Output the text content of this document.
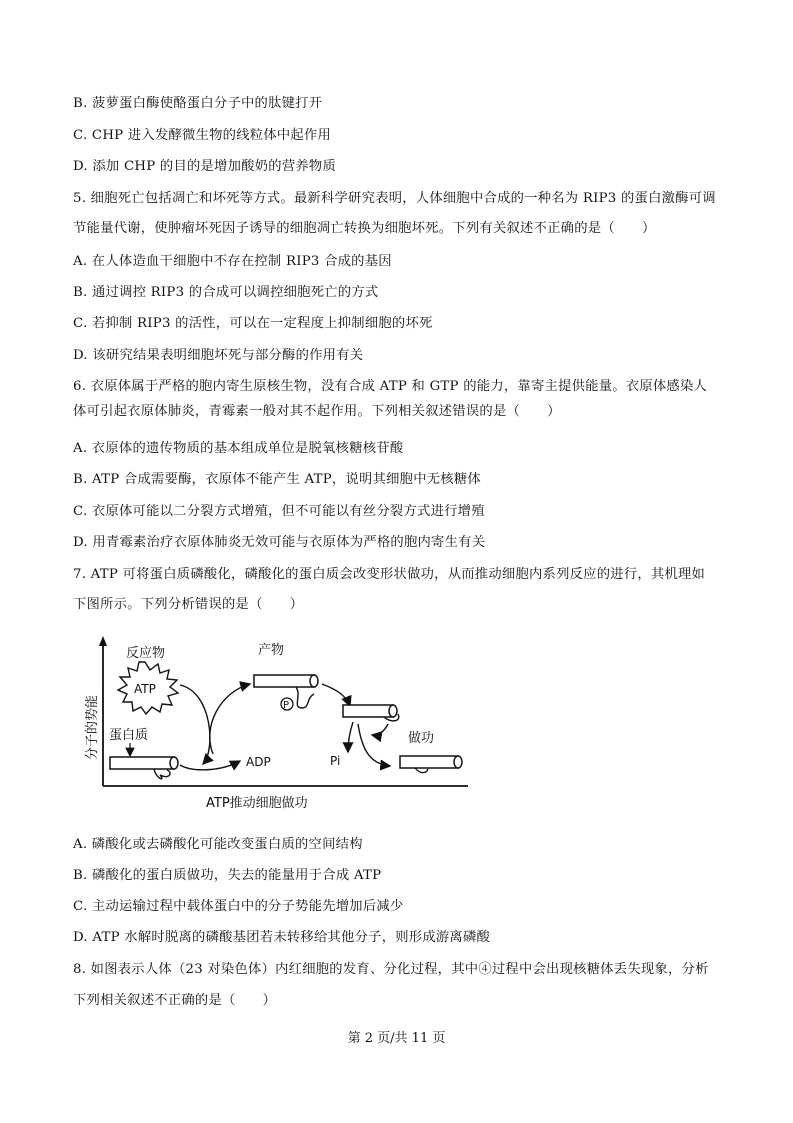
B. 菠萝蛋白酶使酪蛋白分子中的肽键打开
C. CHP 进入发酵微生物的线粒体中起作用
D. 添加 CHP 的目的是增加酸奶的营养物质
5. 细胞死亡包括凋亡和坏死等方式。最新科学研究表明，人体细胞中合成的一种名为 RIP3 的蛋白激酶可调
节能量代谢，使肿瘤坏死因子诱导的细胞凋亡转换为细胞坏死。下列有关叙述不正确的是（　　）
A. 在人体造血干细胞中不存在控制 RIP3 合成的基因
B. 通过调控 RIP3 的合成可以调控细胞死亡的方式
C. 若抑制 RIP3 的活性，可以在一定程度上抑制细胞的坏死
D. 该研究结果表明细胞坏死与部分酶的作用有关
6. 衣原体属于严格的胞内寄生原核生物，没有合成 ATP 和 GTP 的能力，靠寄主提供能量。衣原体感染人
体可引起衣原体肺炎，青霉素一般对其不起作用。下列相关叙述错误的是（　　）
A. 衣原体的遗传物质的基本组成单位是脱氧核糖核苷酸
B. ATP 合成需要酶，衣原体不能产生 ATP，说明其细胞中无核糖体
C. 衣原体可能以二分裂方式增殖，但不可能以有丝分裂方式进行增殖
D. 用青霉素治疗衣原体肺炎无效可能与衣原体为严格的胞内寄生有关
7. ATP 可将蛋白质磷酸化，磷酸化的蛋白质会改变形状做功，从而推动细胞内系列反应的进行，其机理如
下图所示。下列分析错误的是（　　）
A. 磷酸化或去磷酸化可能改变蛋白质的空间结构
B. 磷酸化的蛋白质做功，失去的能量用于合成 ATP
C. 主动运输过程中载体蛋白中的分子势能先增加后减少
D. ATP 水解时脱离的磷酸基团若未转移给其他分子，则形成游离磷酸
8. 如图表示人体（23 对染色体）内红细胞的发育、分化过程，其中④过程中会出现核糖体丢失现象，分析
下列相关叙述不正确的是（　　）
分子的势能
ATP推动细胞做功
反应物
ATP
蛋白质
ADP
产物
P
做功
Pi
第 2 页/共 11 页
